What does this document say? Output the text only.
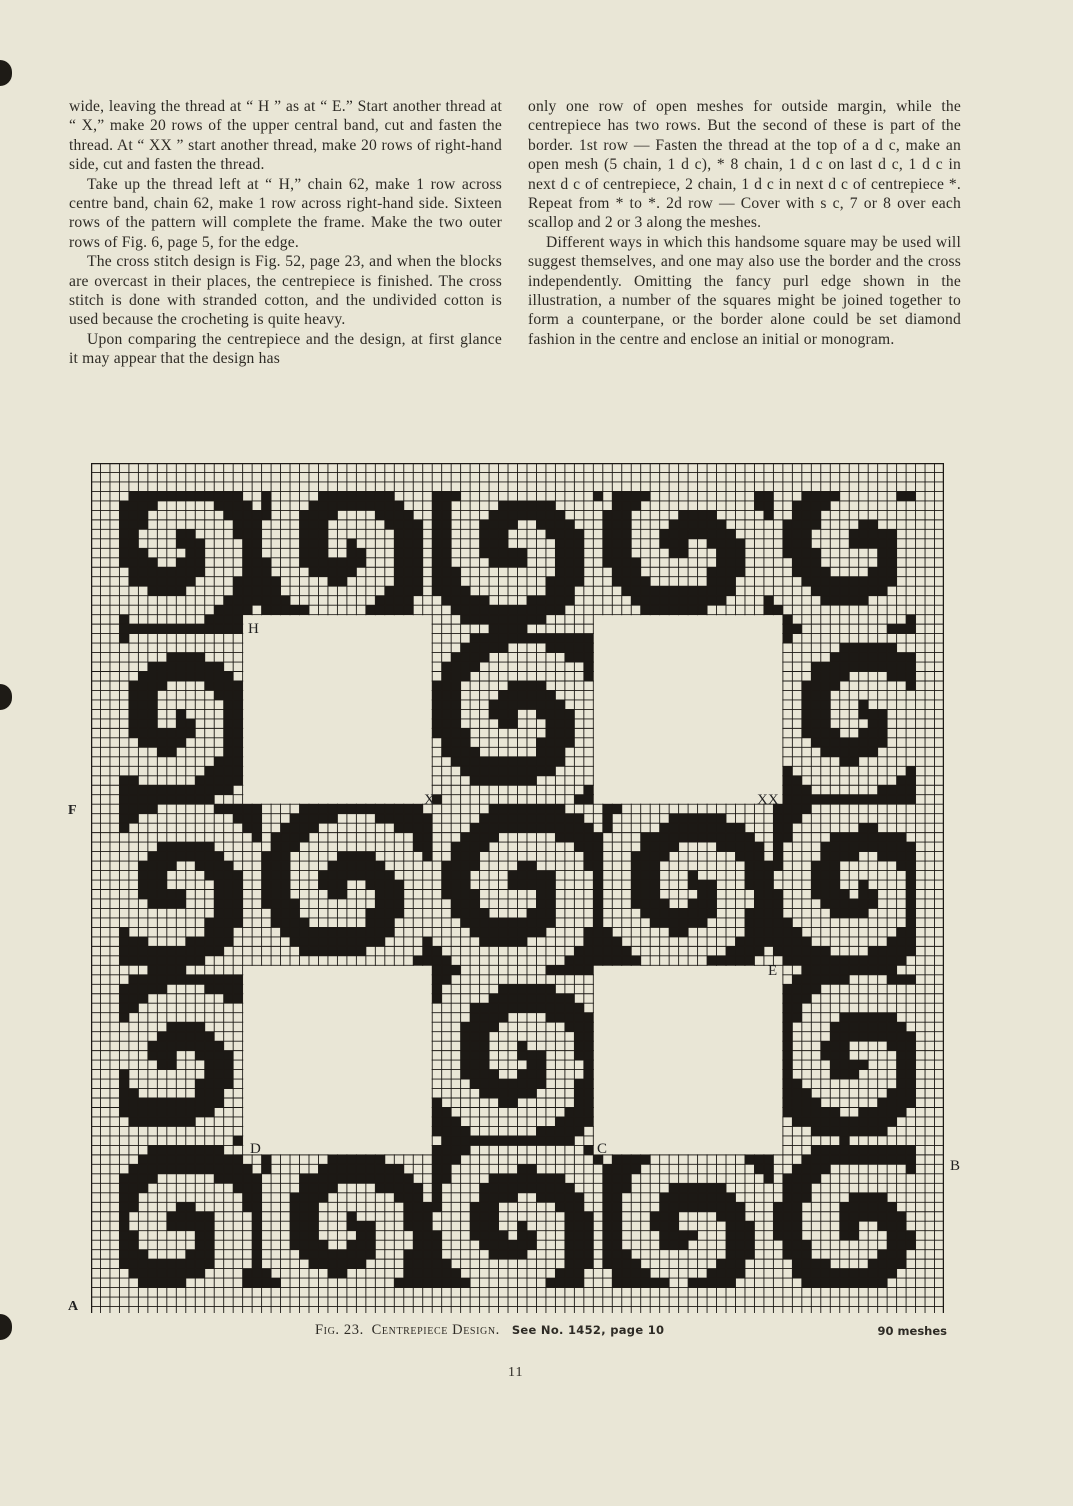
wide, leaving the thread at “ H ” as at “ E.” Start another thread at “ X,” make 20 rows of the upper central band, cut and fasten the thread. At “ XX ” start another thread, make 20 rows of right-hand side, cut and fasten the thread.

Take up the thread left at “ H,” chain 62, make 1 row across centre band, chain 62, make 1 row across right-hand side. Sixteen rows of the pattern will complete the frame. Make the two outer rows of Fig. 6, page 5, for the edge.

The cross stitch design is Fig. 52, page 23, and when the blocks are overcast in their places, the centrepiece is finished. The cross stitch is done with stranded cotton, and the undivided cotton is used because the crocheting is quite heavy.

Upon comparing the centrepiece and the design, at first glance it may appear that the design has

only one row of open meshes for outside margin, while the centrepiece has two rows. But the second of these is part of the border. 1st row — Fasten the thread at the top of a d c, make an open mesh (5 chain, 1 d c), * 8 chain, 1 d c on last d c, 1 d c in next d c of centrepiece, 2 chain, 1 d c in next d c of centrepiece *. Repeat from * to *. 2d row — Cover with s c, 7 or 8 over each scallop and 2 or 3 along the meshes.

Different ways in which this handsome square may be used will suggest themselves, and one may also use the border and the cross independently. Omitting the fancy purl edge shown in the illustration, a number of the squares might be joined together to form a counterpane, or the border alone could be set diamond fashion in the centre and enclose an initial or monogram.

H
X	XX
E
D	C
F
B
A
Fig. 23. Centrepiece Design. See No. 1452, page 10	90 meshes
11
